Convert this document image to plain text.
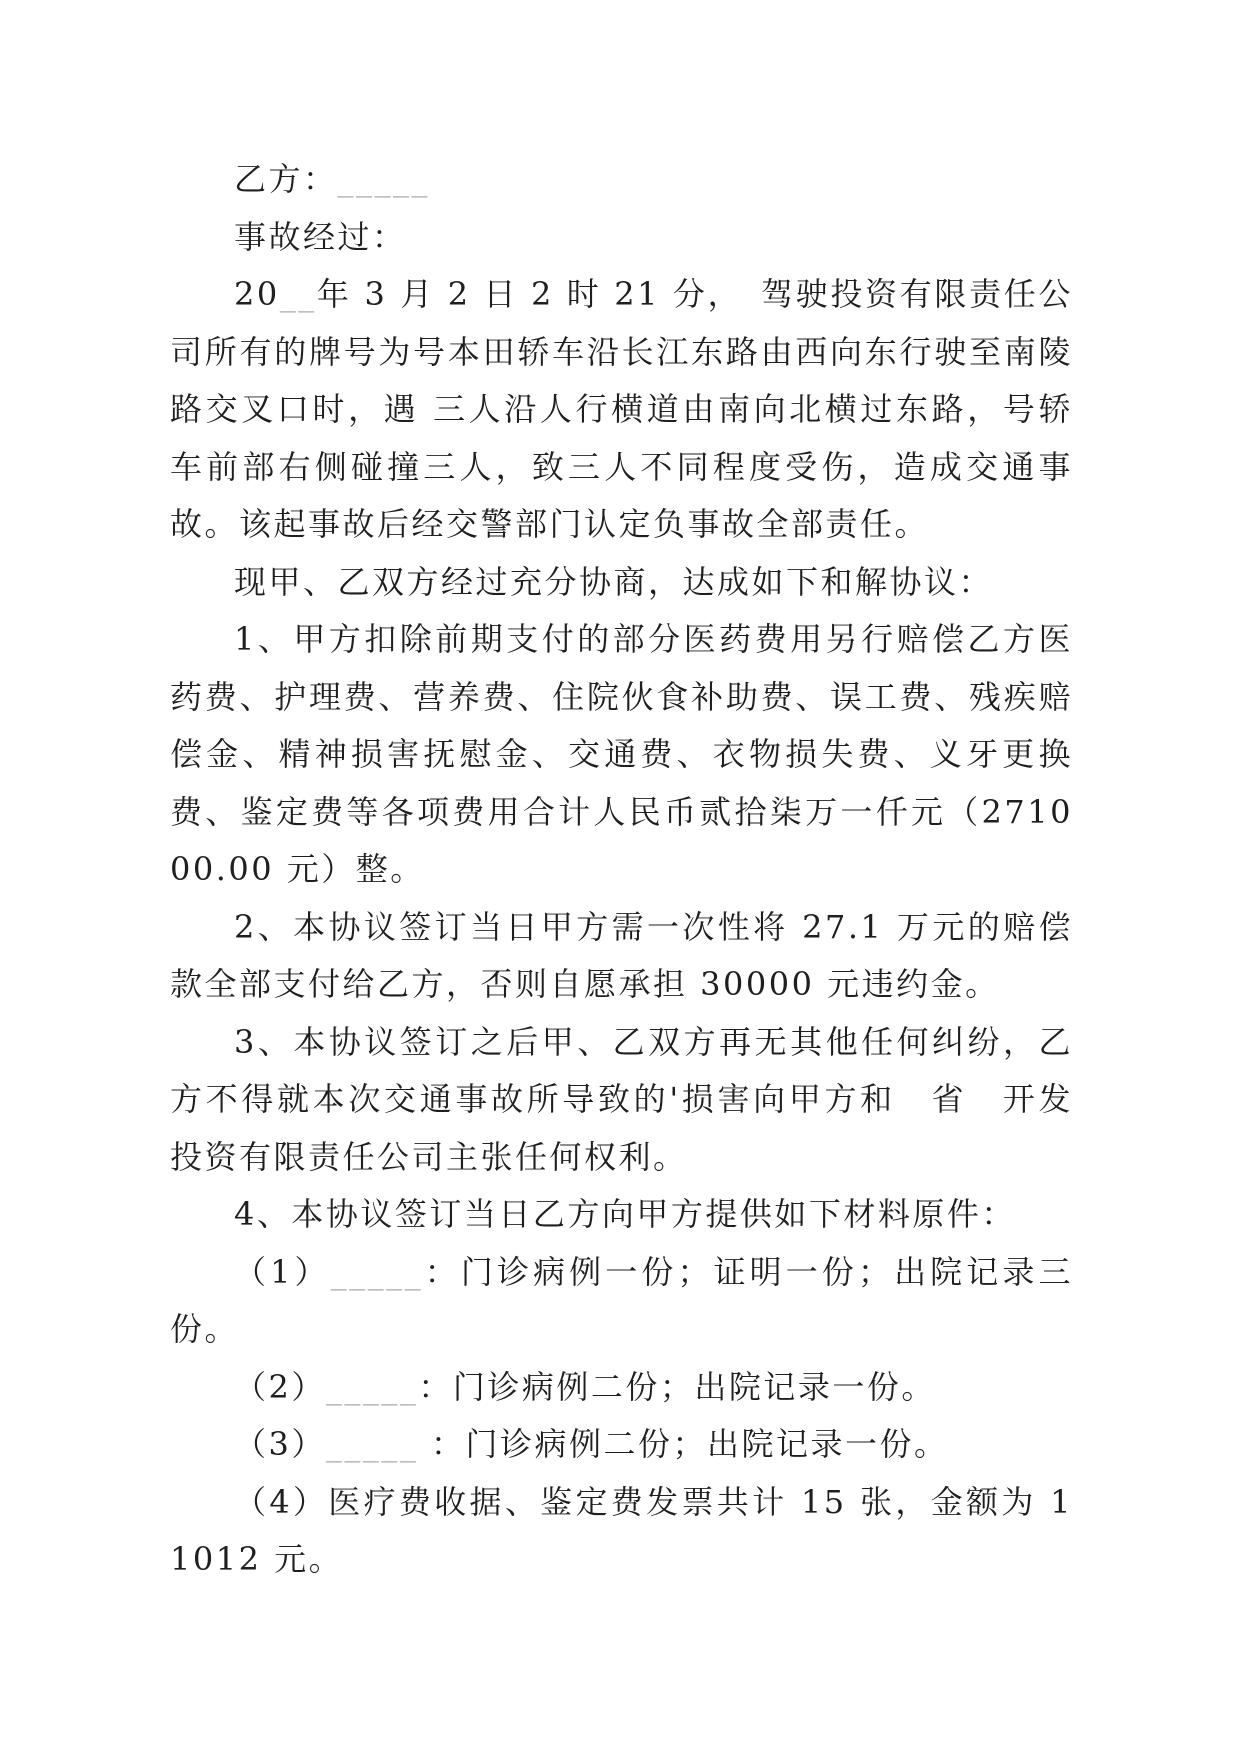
乙方：_____

事故经过：

20__年 3 月 2 日 2 时 21 分，　驾驶投资有限责任公司所有的牌号为号本田轿车沿长江东路由西向东行驶至南陵路交叉口时，遇 三人沿人行横道由南向北横过东路，号轿车前部右侧碰撞三人，致三人不同程度受伤，造成交通事故。该起事故后经交警部门认定负事故全部责任。

现甲、乙双方经过充分协商，达成如下和解协议：

1、甲方扣除前期支付的部分医药费用另行赔偿乙方医药费、护理费、营养费、住院伙食补助费、误工费、残疾赔偿金、精神损害抚慰金、交通费、衣物损失费、义牙更换费、鉴定费等各项费用合计人民币贰拾柒万一仟元（271000.00 元）整。

2、本协议签订当日甲方需一次性将 27.1 万元的赔偿款全部支付给乙方，否则自愿承担 30000 元违约金。

3、本协议签订之后甲、乙双方再无其他任何纠纷，乙方不得就本次交通事故所导致的'损害向甲方和　省　开发投资有限责任公司主张任何权利。

4、本协议签订当日乙方向甲方提供如下材料原件：

（1）_____：门诊病例一份；证明一份；出院记录三份。

（2）_____：门诊病例二份；出院记录一份。

（3）_____ ：门诊病例二份；出院记录一份。

（4）医疗费收据、鉴定费发票共计 15 张，金额为 11012 元。
